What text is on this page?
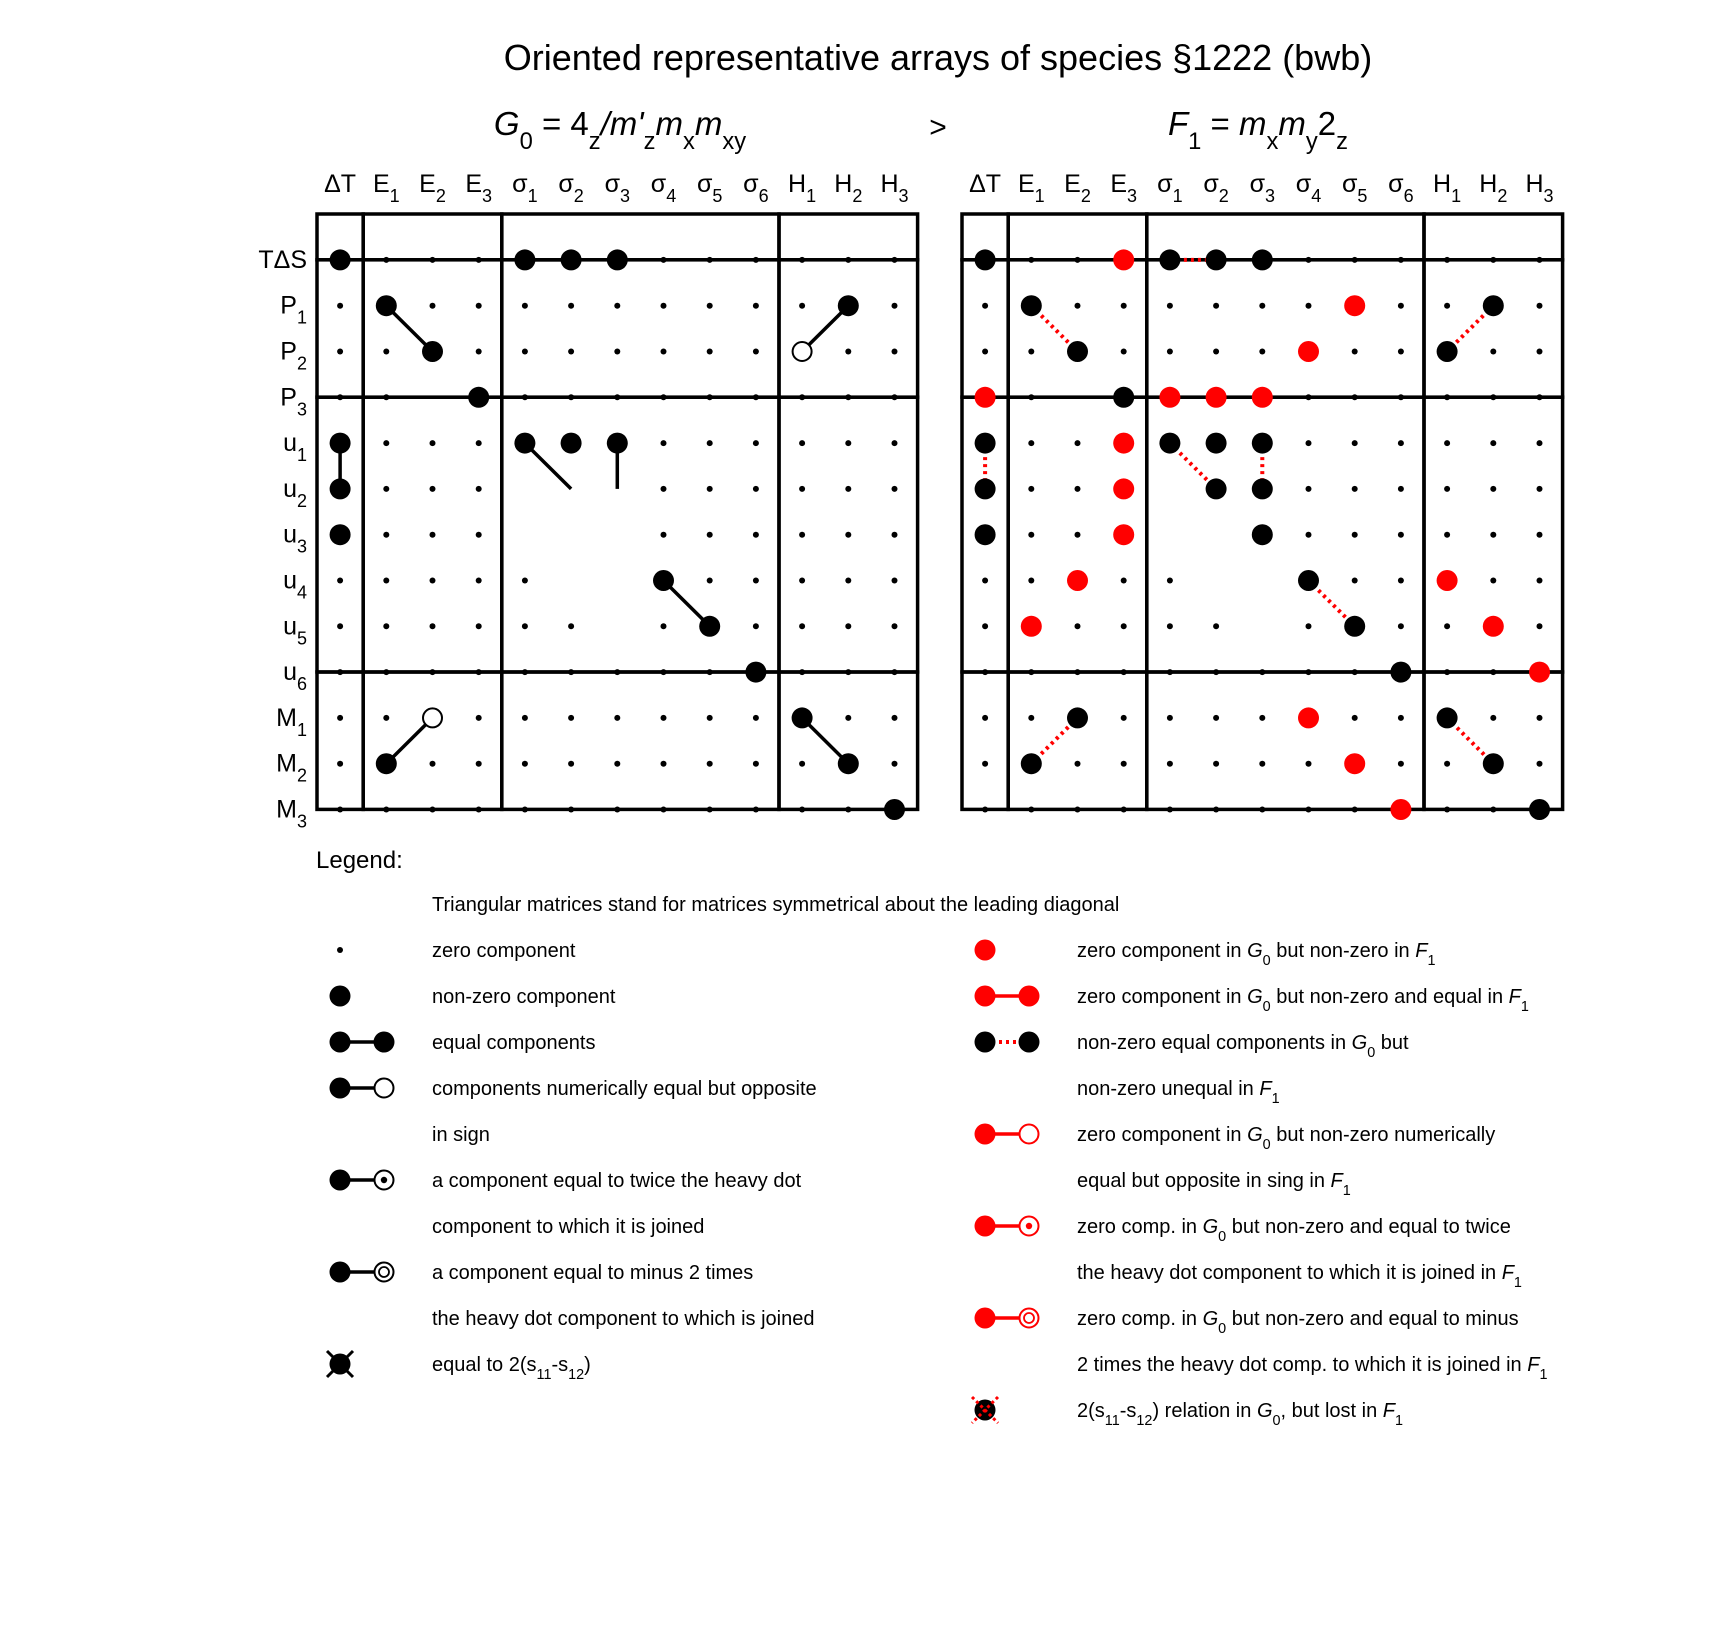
Oriented representative arrays of species §1222 (bwb)
>
$G_0 = 4_z/m'_zm_xm_{xy}$	$F_1 = m_xm_y2_z$
ΔT $E_1$ $E_2$ $E_3$ $\sigma_1$ $\sigma_2$ $\sigma_3$ $\sigma_4$ $\sigma_5$ $\sigma_6$ $H_1$ $H_2$ $H_3$
TΔS
$P_1$
$P_2$
$P_3$
$u_1$
$u_2$
$u_3$
$u_4$
$u_5$
$u_6$
$M_1$
$M_2$
$M_3$
ΔT $E_1$ $E_2$ $E_3$ $\sigma_1$ $\sigma_2$ $\sigma_3$ $\sigma_4$ $\sigma_5$ $\sigma_6$ $H_1$ $H_2$ $H_3$
Legend:
Triangular matrices stand for matrices symmetrical about the leading diagonal
zero component
non-zero component
equal components
components numerically equal but opposite
in sign
a component equal to twice the heavy dot
component to which it is joined
a component equal to minus 2 times
the heavy dot component to which is joined
equal to $2(s_{11}-s_{12})$
zero component in $G_0$ but non-zero in $F_1$
zero component in $G_0$ but non-zero and equal in $F_1$
non-zero equal components in $G_0$ but
non-zero unequal in $F_1$
zero component in $G_0$ but non-zero numerically
equal but opposite in sing in $F_1$
zero comp. in $G_0$ but non-zero and equal to twice
the heavy dot component to which it is joined in $F_1$
zero comp. in $G_0$ but non-zero and equal to minus
2 times the heavy dot comp. to which it is joined in $F_1$
$2(s_{11}-s_{12})$ relation in $G_0$, but lost in $F_1$
